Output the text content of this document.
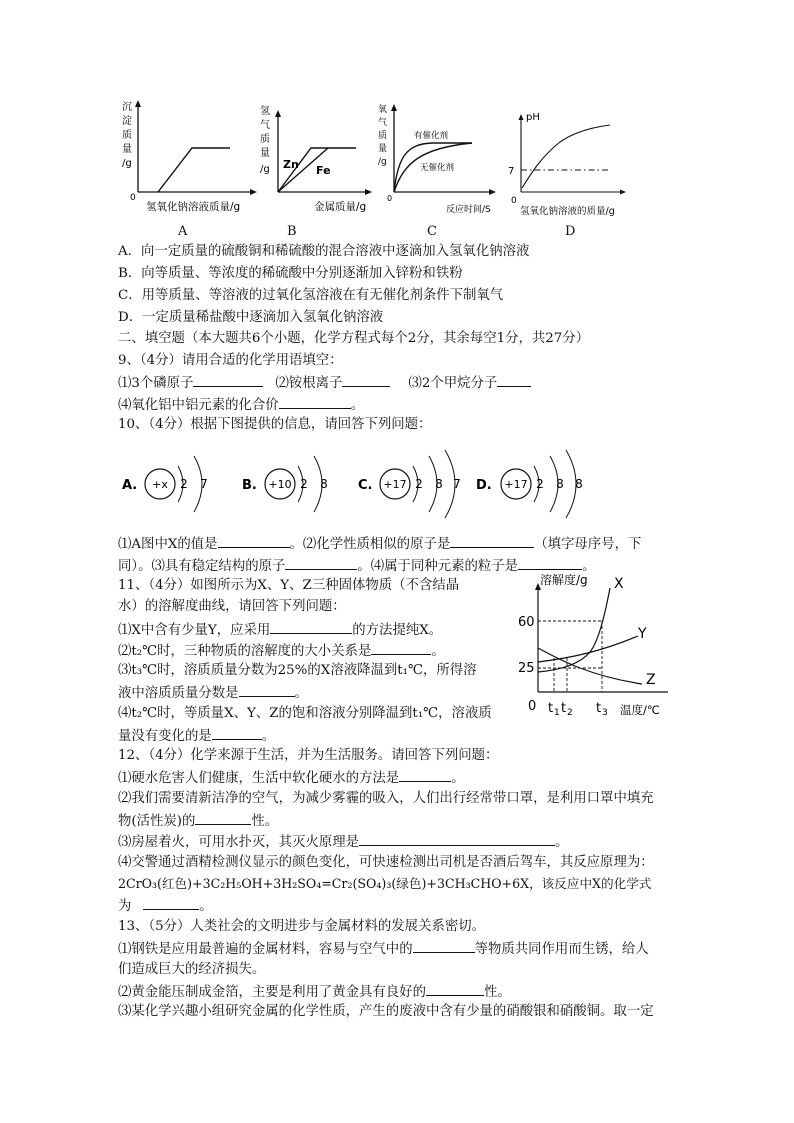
沉
淀
质
量
/g
0
氢氧化钠溶液质量/g
氢
气
质
量
/g Zn Fe
金属质量/g
氧
气
质
量
/g
有催化剂
无催化剂
0
反应时间/S
pH
7
0
氢氧化钠溶液的质量/g
A	B	C	D
A．向一定质量的硫酸铜和稀硫酸的混合溶液中逐滴加入氢氧化钠溶液
B．向等质量、等浓度的稀硫酸中分别逐渐加入锌粉和铁粉
C．用等质量、等溶液的过氧化氢溶液在有无催化剂条件下制氧气
D．一定质量稀盐酸中逐滴加入氢氧化钠溶液
二、填空题（本大题共6个小题，化学方程式每个2分，其余每空1分，共27分）
9、（4分）请用合适的化学用语填空：
⑴3个磷原子	⑵铵根离子	⑶2个甲烷分子
⑷氧化铝中铝元素的化合价	。
10、（4分）根据下图提供的信息，请回答下列问题：
A. +x 2 7	B. +10 2 8 C. +17 2 8 7 D. +17 2 8 8
⑴A图中X的值是	。⑵化学性质相似的原子是	（填字母序号，下
同）。⑶具有稳定结构的原子	。⑷属于同种元素的粒子是	。
11、（4分）如图所示为X、Y、Z三种固体物质（不含结晶
水）的溶解度曲线，请回答下列问题：
⑴X中含有少量Y，应采用	的方法提纯X。
⑵t₂℃时，三种物质的溶解度的大小关系是	。
⑶t₃℃时，溶质质量分数为25%的X溶液降温到t₁℃，所得溶
液中溶质质量分数是	。
⑷t₂℃时，等质量X、Y、Z的饱和溶液分别降温到t₁℃，溶液质
量没有变化的是	。
溶解度/g X
Y
Z
60
25
0 t 1 t 2 t 3 温度/℃
12、（4分）化学来源于生活，并为生活服务。请回答下列问题：
⑴硬水危害人们健康，生活中软化硬水的方法是	。
⑵我们需要清新洁净的空气，为减少雾霾的吸入，人们出行经常带口罩，是利用口罩中填充
物(活性炭)的	性。
⑶房屋着火，可用水扑灭，其灭火原理是	。
⑷交警通过酒精检测仪显示的颜色变化，可快速检测出司机是否酒后驾车，其反应原理为：
2CrO₃(红色)+3C₂H₅OH+3H₂SO₄=Cr₂(SO₄)₃(绿色)+3CH₃CHO+6X，该反应中X的化学式
为	。
13、（5分）人类社会的文明进步与金属材料的发展关系密切。
⑴钢铁是应用最普遍的金属材料，容易与空气中的	等物质共同作用而生锈，给人
们造成巨大的经济损失。
⑵黄金能压制成金箔，主要是利用了黄金具有良好的	性。
⑶某化学兴趣小组研究金属的化学性质，产生的废液中含有少量的硝酸银和硝酸铜。取一定
